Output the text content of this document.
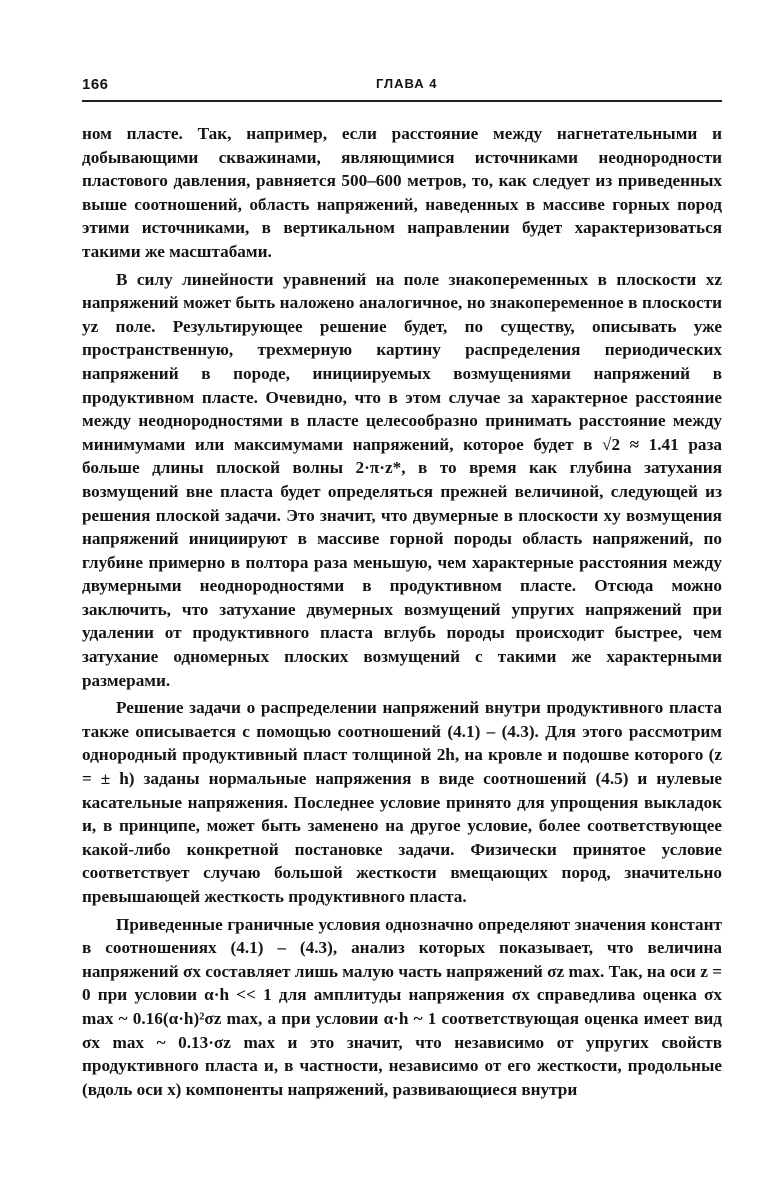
166	ГЛАВА 4

ном пласте. Так, например, если расстояние между нагнетательными и добывающими скважинами, являющимися источниками неоднородности пластового давления, равняется 500–600 метров, то, как следует из приведенных выше соотношений, область напряжений, наведенных в массиве горных пород этими источниками, в вертикальном направлении будет характеризоваться такими же масштабами.

В силу линейности уравнений на поле знакопеременных в плоскости xz напряжений может быть наложено аналогичное, но знакопеременное в плоскости yz поле. Результирующее решение будет, по существу, описывать уже пространственную, трехмерную картину распределения периодических напряжений в породе, инициируемых возмущениями напряжений в продуктивном пласте. Очевидно, что в этом случае за характерное расстояние между неоднородностями в пласте целесообразно принимать расстояние между минимумами или максимумами напряжений, которое будет в √2 ≈ 1.41 раза больше длины плоской волны 2·π·z*, в то время как глубина затухания возмущений вне пласта будет определяться прежней величиной, следующей из решения плоской задачи. Это значит, что двумерные в плоскости xy возмущения напряжений инициируют в массиве горной породы область напряжений, по глубине примерно в полтора раза меньшую, чем характерные расстояния между двумерными неоднородностями в продуктивном пласте. Отсюда можно заключить, что затухание двумерных возмущений упругих напряжений при удалении от продуктивного пласта вглубь породы происходит быстрее, чем затухание одномерных плоских возмущений с такими же характерными размерами.

Решение задачи о распределении напряжений внутри продуктивного пласта также описывается с помощью соотношений (4.1) – (4.3). Для этого рассмотрим однородный продуктивный пласт толщиной 2h, на кровле и подошве которого (z = ± h) заданы нормальные напряжения в виде соотношений (4.5) и нулевые касательные напряжения. Последнее условие принято для упрощения выкладок и, в принципе, может быть заменено на другое условие, более соответствующее какой-либо конкретной постановке задачи. Физически принятое условие соответствует случаю большой жесткости вмещающих пород, значительно превышающей жесткость продуктивного пласта.

Приведенные граничные условия однозначно определяют значения констант в соотношениях (4.1) – (4.3), анализ которых показывает, что величина напряжений σx составляет лишь малую часть напряжений σz max. Так, на оси z = 0 при условии α·h << 1 для амплитуды напряжения σx справедлива оценка σx max ~ 0.16(α·h)²σz max, а при условии α·h ~ 1 соответствующая оценка имеет вид σx max ~ 0.13·σz max и это значит, что независимо от упругих свойств продуктивного пласта и, в частности, независимо от его жесткости, продольные (вдоль оси x) компоненты напряжений, развивающиеся внутри
